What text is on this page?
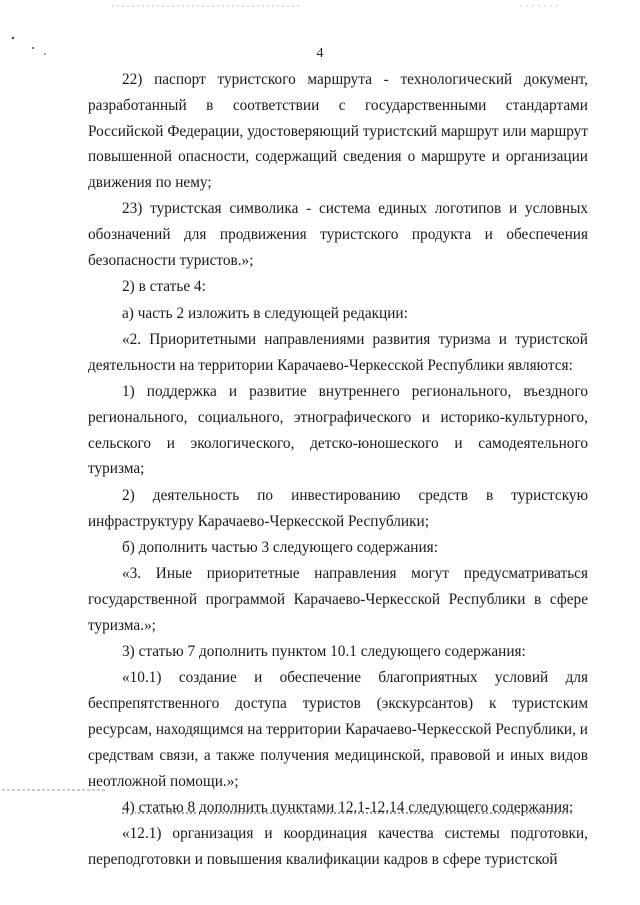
4

22) паспорт туристского маршрута - технологический документ, разработанный в соответствии с государственными стандартами Российской Федерации, удостоверяющий туристский маршрут или маршрут повышенной опасности, содержащий сведения о маршруте и организации движения по нему;

23) туристская символика - система единых логотипов и условных обозначений для продвижения туристского продукта и обеспечения безопасности туристов.»;

2) в статье 4:

а) часть 2 изложить в следующей редакции:

«2. Приоритетными направлениями развития туризма и туристской деятельности на территории Карачаево-Черкесской Республики являются:

1) поддержка и развитие внутреннего регионального, въездного регионального, социального, этнографического и историко-культурного, сельского и экологического, детско-юношеского и самодеятельного туризма;

2) деятельность по инвестированию средств в туристскую инфраструктуру Карачаево-Черкесской Республики;

б) дополнить частью 3 следующего содержания:

«3. Иные приоритетные направления могут предусматриваться государственной программой Карачаево-Черкесской Республики в сфере туризма.»;

3) статью 7 дополнить пунктом 10.1 следующего содержания:

«10.1) создание и обеспечение благоприятных условий для беспрепятственного доступа туристов (экскурсантов) к туристским ресурсам, находящимся на территории Карачаево-Черкесской Республики, и средствам связи, а также получения медицинской, правовой и иных видов неотложной помощи.»;

4) статью 8 дополнить пунктами 12.1-12.14 следующего содержания:

«12.1) организация и координация качества системы подготовки, переподготовки и повышения квалификации кадров в сфере туристской
